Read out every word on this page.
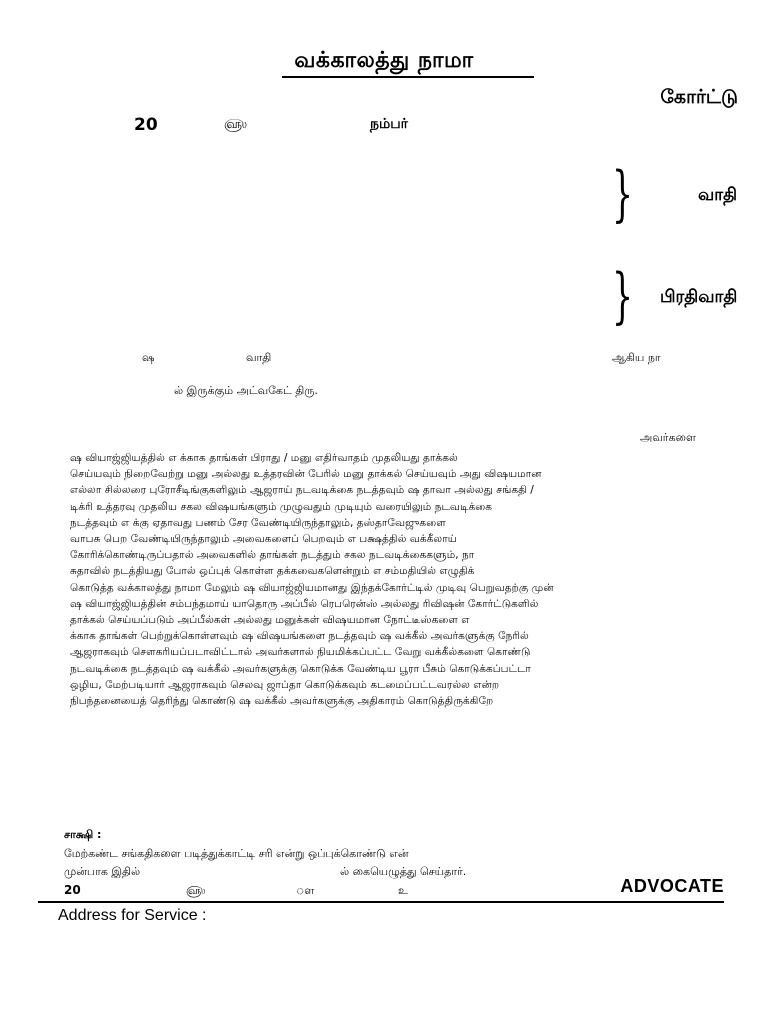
வக்காலத்து நாமா
கோர்ட்டு
20	௵	நம்பர்
}	வாதி
} பிரதிவாதி
ஷ	வாதி	ஆகிய நா
ல் இருக்கும் அட்வகேட் திரு.
அவர்களை
ஷ வியாஜ்ஜியத்தில் எ க்காக தாங்கள் பிராது / மனு எதிர்வாதம் முதலியது தாக்கல்
செய்யவும் நிறைவேற்று மனு அல்லது உத்தரவின் பேரில் மனு தாக்கல் செய்யவும் அது விஷயமான
எல்லா சில்லரை புரோசீடிங்குகளிலும் ஆஜராய் நடவடிக்கை நடத்தவும் ஷ தாவா அல்லது சங்கதி /
டிக்ரி உத்தரவு முதலிய சகல விஷயங்களும் முழுவதும் முடியும் வரையிலும் நடவடிக்கை
நடத்தவும் எ க்கு ஏதாவது பணம் சேர வேண்டியிருந்தாலும், தஸ்தாவேஜுகளை
வாபசு பெற வேண்டியிருந்தாலும் அவைகளைப் பெறவும் எ பக்ஷத்தில் வக்கீலாய்
கோரிக்கொண்டிருப்பதால் அவைகளில் தாங்கள் நடத்தும் சகல நடவடிக்கைகளும், நா
சுதாவில் நடத்தியது போல் ஒப்புக் கொள்ள தக்கவைகளென்றும் எ சம்மதியில் எழுதிக்
கொடுத்த வக்காலத்து நாமா மேலும் ஷ வியாஜ்ஜியமானது இந்தக்கோர்ட்டில் முடிவு பெறுவதற்கு முன்
ஷ வியாஜ்ஜியத்தின் சம்பந்தமாய் யாதொரு அப்பீல் ரெபரென்ஸ் அல்லது ரிவிஷன் கோர்ட்டுகளில்
தாக்கல் செய்யப்படும் அப்பீல்கள் அல்லது மனுக்கள் விஷயமான நோட்டீஸ்களை எ
க்காக தாங்கள் பெற்றுக்கொள்ளவும் ஷ விஷயங்களை நடத்தவும் ஷ வக்கீல் அவர்களுக்கு நேரில்
ஆஜராகவும் சௌகரியப்படாவிட்டால் அவர்களால் நியமிக்கப்பட்ட வேறு வக்கீல்களை கொண்டு
நடவடிக்கை நடத்தவும் ஷ வக்கீல் அவர்களுக்கு கொடுக்க வேண்டிய பூரா பீசும் கொடுக்கப்பட்டா
ஒழிய, மேற்படியார் ஆஜராகவும் செலவு ஜாப்தா கொடுக்கவும் கடமைப்பட்டவரல்ல என்ற
நிபந்தனையைத் தெரிந்து கொண்டு ஷ வக்கீல் அவர்களுக்கு அதிகாரம் கொடுத்திருக்கிறே
சாக்ஷி :
மேற்கண்ட சங்கதிகளை படித்துக்காட்டி சரி என்று ஒப்புக்கொண்டு என்
முன்பாக இதில்	ல் கையெழுத்து செய்தார்.
20	௵	ௗ	உ	ADVOCATE
Address for Service :
